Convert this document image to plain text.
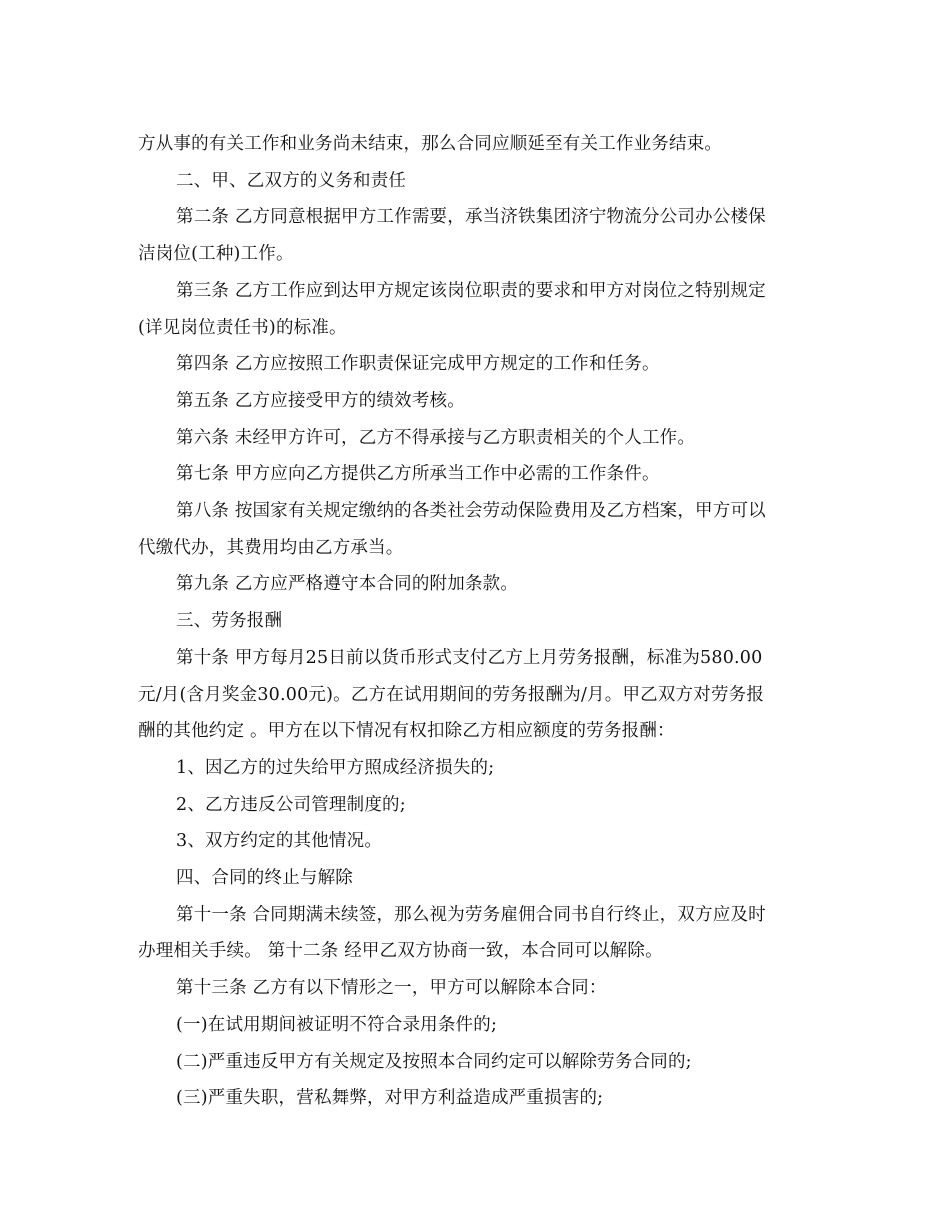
方从事的有关工作和业务尚未结束，那么合同应顺延至有关工作业务结束。

二、甲、乙双方的义务和责任

第二条 乙方同意根据甲方工作需要，承当济铁集团济宁物流分公司办公楼保
洁岗位(工种)工作。

第三条 乙方工作应到达甲方规定该岗位职责的要求和甲方对岗位之特别规定
(详见岗位责任书)的标准。

第四条 乙方应按照工作职责保证完成甲方规定的工作和任务。

第五条 乙方应接受甲方的绩效考核。

第六条 未经甲方许可，乙方不得承接与乙方职责相关的个人工作。

第七条 甲方应向乙方提供乙方所承当工作中必需的工作条件。

第八条 按国家有关规定缴纳的各类社会劳动保险费用及乙方档案，甲方可以
代缴代办，其费用均由乙方承当。

第九条 乙方应严格遵守本合同的附加条款。

三、劳务报酬

第十条 甲方每月25日前以货币形式支付乙方上月劳务报酬，标准为580.00
元/月(含月奖金30.00元)。乙方在试用期间的劳务报酬为/月。甲乙双方对劳务报
酬的其他约定 。甲方在以下情况有权扣除乙方相应额度的劳务报酬：

1、因乙方的过失给甲方照成经济损失的;

2、乙方违反公司管理制度的;

3、双方约定的其他情况。

四、合同的终止与解除

第十一条 合同期满未续签，那么视为劳务雇佣合同书自行终止，双方应及时
办理相关手续。 第十二条 经甲乙双方协商一致，本合同可以解除。

第十三条 乙方有以下情形之一，甲方可以解除本合同：

(一)在试用期间被证明不符合录用条件的;

(二)严重违反甲方有关规定及按照本合同约定可以解除劳务合同的;

(三)严重失职，营私舞弊，对甲方利益造成严重损害的;
